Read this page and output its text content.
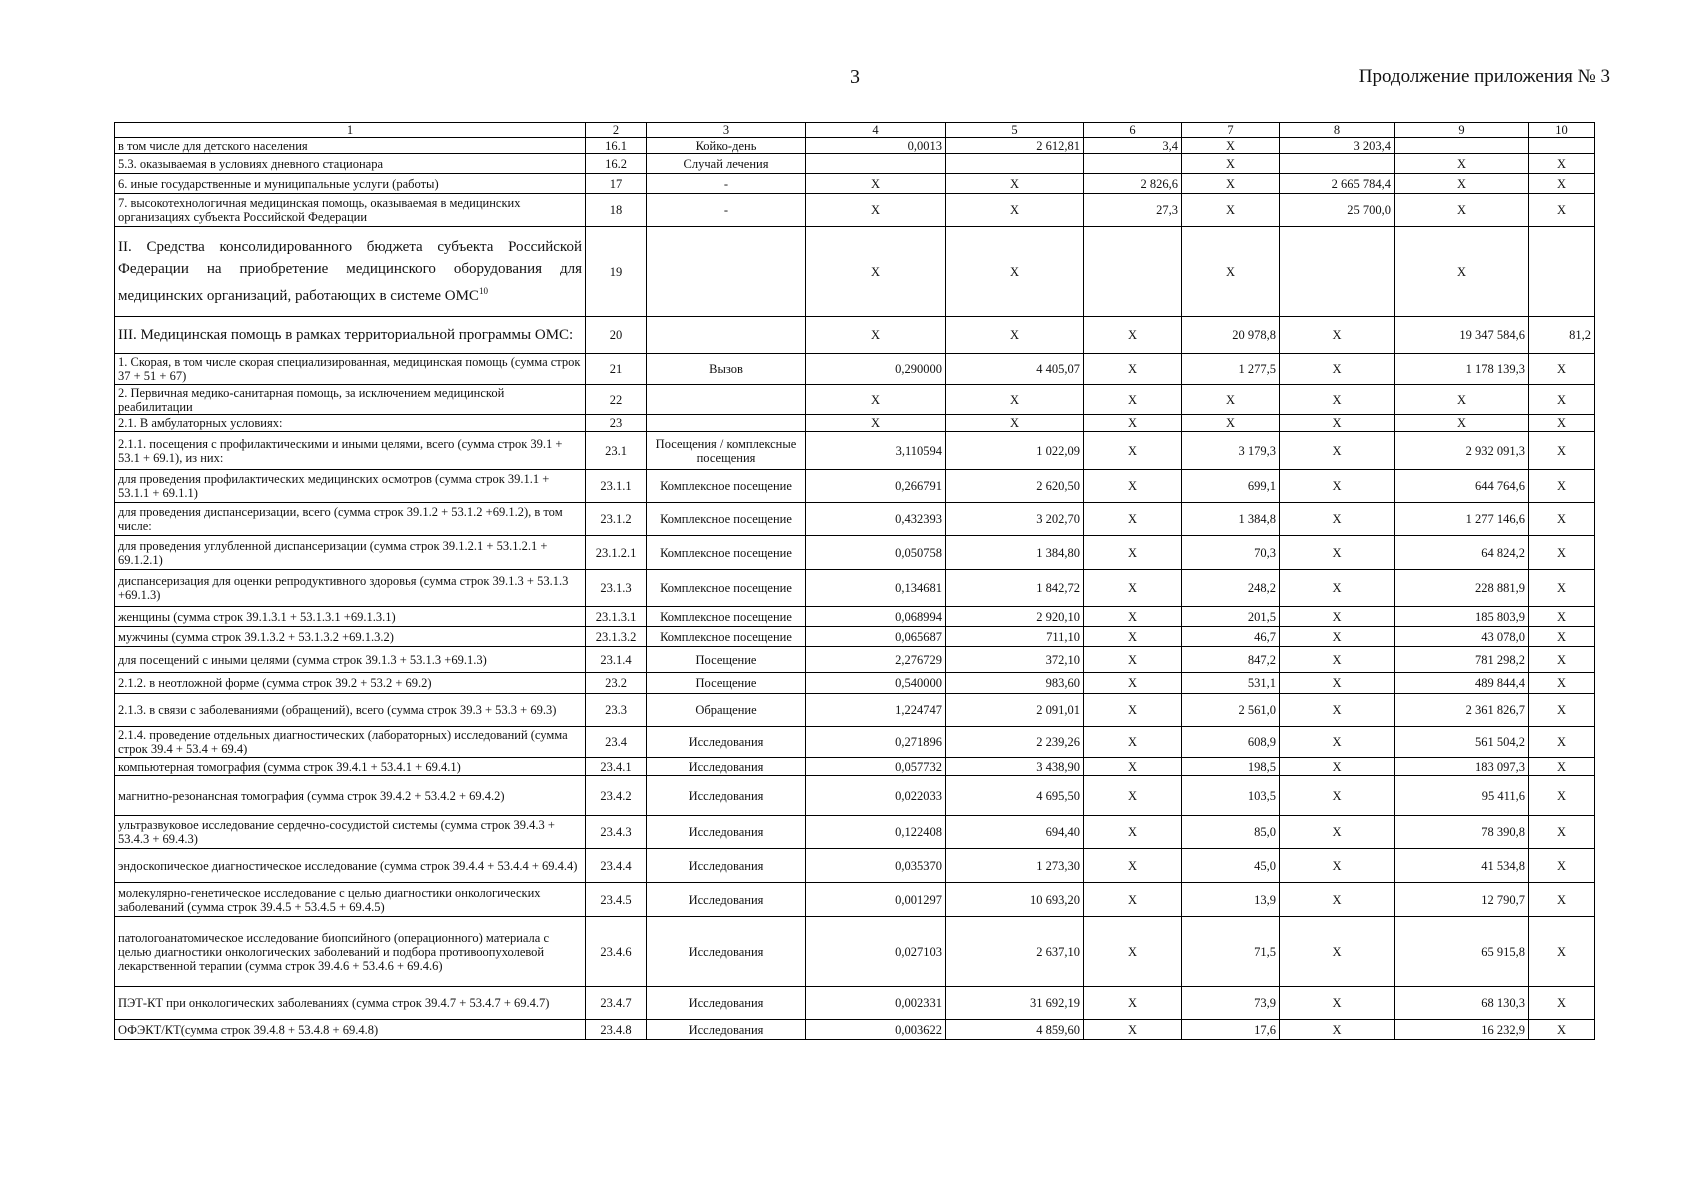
3	Продолжение приложения № 3
1	2	3	4	5	6	7	8	9	10
в том числе для детского населения	16.1	Койко-день	0,0013	2 612,81	3,4	X	3 203,4		
5.3. оказываемая в условиях дневного стационара	16.2	Случай лечения				X		X	X
6. иные государственные и муниципальные услуги (работы)	17	-	X	X	2 826,6	X	2 665 784,4	X	X
7. высокотехнологичная медицинская помощь, оказываемая в медицинских организациях субъекта Российской Федерации	18	-	X	X	27,3	X	25 700,0	X	X
II. Средства консолидированного бюджета субъекта Российской Федерации на приобретение медицинского оборудования для медицинских организаций, работающих в системе ОМС$^{10}$	19		X	X		X		X	
III. Медицинская помощь в рамках территориальной программы ОМС:	20		X	X	X	20 978,8	X	19 347 584,6	81,2
1. Скорая, в том числе скорая специализированная, медицинская помощь (сумма строк 37 + 51 + 67)	21	Вызов	0,290000	4 405,07	X	1 277,5	X	1 178 139,3	X
2. Первичная медико-санитарная помощь, за исключением медицинской реабилитации	22		X	X	X	X	X	X	X
2.1. В амбулаторных условиях:	23		X	X	X	X	X	X	X
2.1.1. посещения с профилактическими и иными целями, всего (сумма строк 39.1 + 53.1 + 69.1), из них:	23.1	Посещения / комплексные посещения	3,110594	1 022,09	X	3 179,3	X	2 932 091,3	X
для проведения профилактических медицинских осмотров (сумма строк 39.1.1 + 53.1.1 + 69.1.1)	23.1.1	Комплексное посещение	0,266791	2 620,50	X	699,1	X	644 764,6	X
для проведения диспансеризации, всего (сумма строк 39.1.2 + 53.1.2 +69.1.2), в том числе:	23.1.2	Комплексное посещение	0,432393	3 202,70	X	1 384,8	X	1 277 146,6	X
для проведения углубленной диспансеризации (сумма строк 39.1.2.1 + 53.1.2.1 + 69.1.2.1)	23.1.2.1	Комплексное посещение	0,050758	1 384,80	X	70,3	X	64 824,2	X
диспансеризация для оценки репродуктивного здоровья (сумма строк 39.1.3 + 53.1.3 +69.1.3)	23.1.3	Комплексное посещение	0,134681	1 842,72	X	248,2	X	228 881,9	X
женщины (сумма строк 39.1.3.1 + 53.1.3.1 +69.1.3.1)	23.1.3.1	Комплексное посещение	0,068994	2 920,10	X	201,5	X	185 803,9	X
мужчины (сумма строк 39.1.3.2 + 53.1.3.2 +69.1.3.2)	23.1.3.2	Комплексное посещение	0,065687	711,10	X	46,7	X	43 078,0	X
для посещений с иными целями (сумма строк 39.1.3 + 53.1.3 +69.1.3)	23.1.4	Посещение	2,276729	372,10	X	847,2	X	781 298,2	X
2.1.2. в неотложной форме (сумма строк 39.2 + 53.2 + 69.2)	23.2	Посещение	0,540000	983,60	X	531,1	X	489 844,4	X
2.1.3. в связи с заболеваниями (обращений), всего (сумма строк 39.3 + 53.3 + 69.3)	23.3	Обращение	1,224747	2 091,01	X	2 561,0	X	2 361 826,7	X
2.1.4. проведение отдельных диагностических (лабораторных) исследований (сумма строк 39.4 + 53.4 + 69.4)	23.4	Исследования	0,271896	2 239,26	X	608,9	X	561 504,2	X
компьютерная томография (сумма строк 39.4.1 + 53.4.1 + 69.4.1)	23.4.1	Исследования	0,057732	3 438,90	X	198,5	X	183 097,3	X
магнитно-резонансная томография (сумма строк 39.4.2 + 53.4.2 + 69.4.2)	23.4.2	Исследования	0,022033	4 695,50	X	103,5	X	95 411,6	X
ультразвуковое исследование сердечно-сосудистой системы (сумма строк 39.4.3 + 53.4.3 + 69.4.3)	23.4.3	Исследования	0,122408	694,40	X	85,0	X	78 390,8	X
эндоскопическое диагностическое исследование (сумма строк 39.4.4 + 53.4.4 + 69.4.4)	23.4.4	Исследования	0,035370	1 273,30	X	45,0	X	41 534,8	X
молекулярно-генетическое исследование с целью диагностики онкологических заболеваний (сумма строк 39.4.5 + 53.4.5 + 69.4.5)	23.4.5	Исследования	0,001297	10 693,20	X	13,9	X	12 790,7	X
патологоанатомическое исследование биопсийного (операционного) материала с целью диагностики онкологических заболеваний и подбора противоопухолевой лекарственной терапии (сумма строк 39.4.6 + 53.4.6 + 69.4.6)	23.4.6	Исследования	0,027103	2 637,10	X	71,5	X	65 915,8	X
ПЭТ-КТ при онкологических заболеваниях (сумма строк 39.4.7 + 53.4.7 + 69.4.7)	23.4.7	Исследования	0,002331	31 692,19	X	73,9	X	68 130,3	X
ОФЭКТ/КТ(сумма строк 39.4.8 + 53.4.8 + 69.4.8)	23.4.8	Исследования	0,003622	4 859,60	X	17,6	X	16 232,9	X
